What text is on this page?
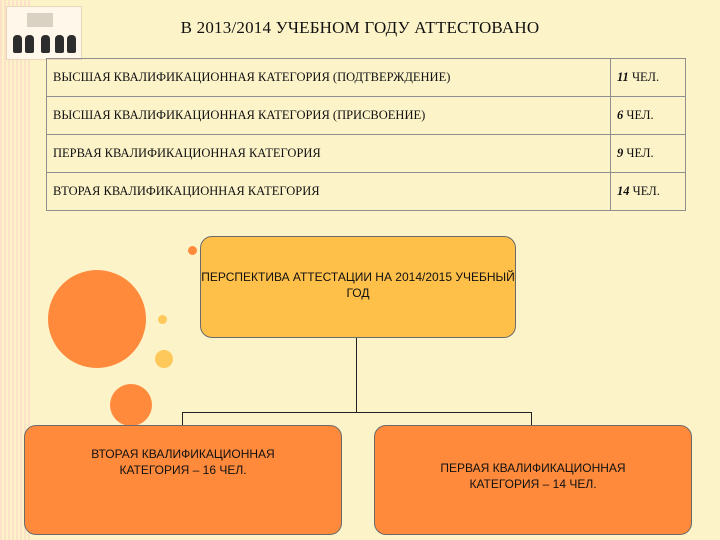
В 2013/2014 УЧЕБНОМ ГОДУ АТТЕСТОВАНО
ВЫСШАЯ КВАЛИФИКАЦИОННАЯ КАТЕГОРИЯ (ПОДТВЕРЖДЕНИЕ)	11 ЧЕЛ.
ВЫСШАЯ КВАЛИФИКАЦИОННАЯ КАТЕГОРИЯ (ПРИСВОЕНИЕ)	6 ЧЕЛ.
ПЕРВАЯ КВАЛИФИКАЦИОННАЯ КАТЕГОРИЯ	9 ЧЕЛ.
ВТОРАЯ КВАЛИФИКАЦИОННАЯ КАТЕГОРИЯ	14 ЧЕЛ.
ПЕРСПЕКТИВА АТТЕСТАЦИИ НА 2014/2015 УЧЕБНЫЙ ГОД
ВТОРАЯ КВАЛИФИКАЦИОННАЯ КАТЕГОРИЯ – 16 ЧЕЛ.	ПЕРВАЯ КВАЛИФИКАЦИОННАЯ КАТЕГОРИЯ – 14 ЧЕЛ.
